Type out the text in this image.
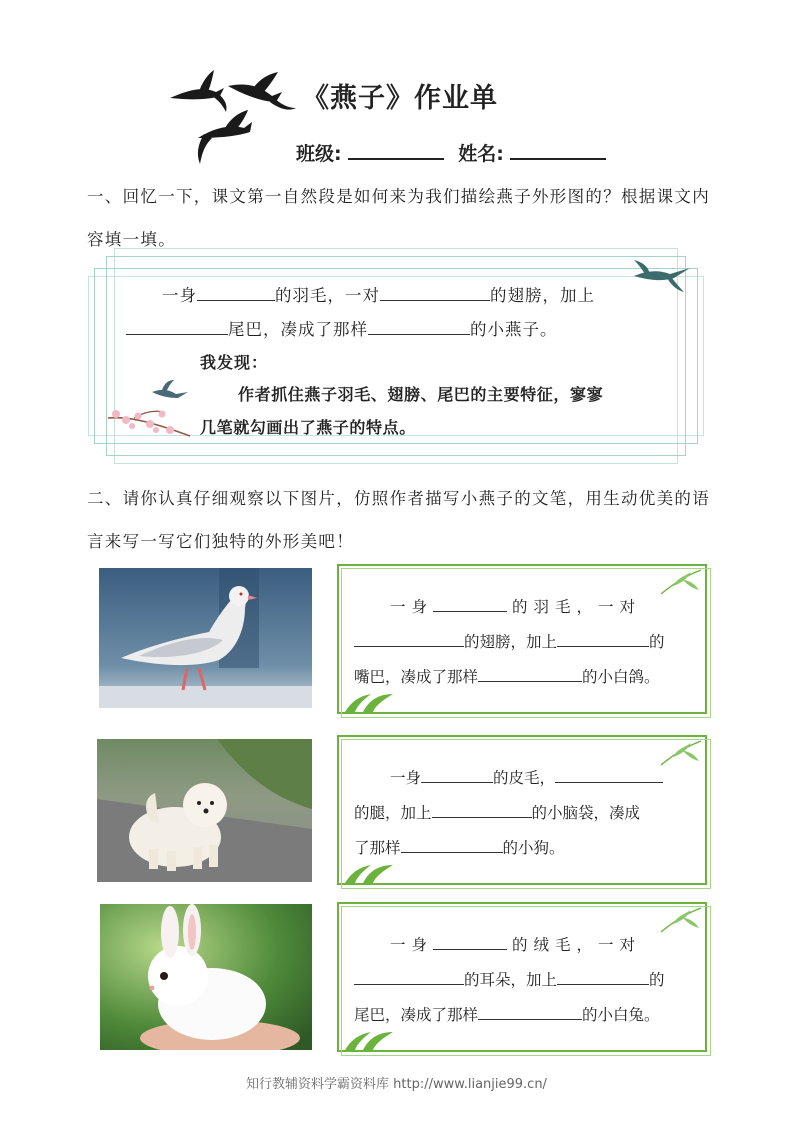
《燕子》作业单
班级:	姓名:
一、回忆一下，课文第一自然段是如何来为我们描绘燕子外形图的？根据课文内容填一填。
一身	的羽毛，一对	的翅膀，加上
尾巴，凑成了那样	的小燕子。
我发现：
作者抓住燕子羽毛、翅膀、尾巴的主要特征，寥寥
几笔就勾画出了燕子的特点。
二、请你认真仔细观察以下图片，仿照作者描写小燕子的文笔，用生动优美的语言来写一写它们独特的外形美吧！
一身	的羽毛，一对
的翅膀，加上	的
嘴巴，凑成了那样	的小白鸽。
一身	的皮毛，
的腿，加上	的小脑袋，凑成
了那样	的小狗。
一身	的绒毛，一对
的耳朵，加上	的
尾巴，凑成了那样	的小白兔。
知行教辅资料学霸资料库 http://www.lianjie99.cn/
